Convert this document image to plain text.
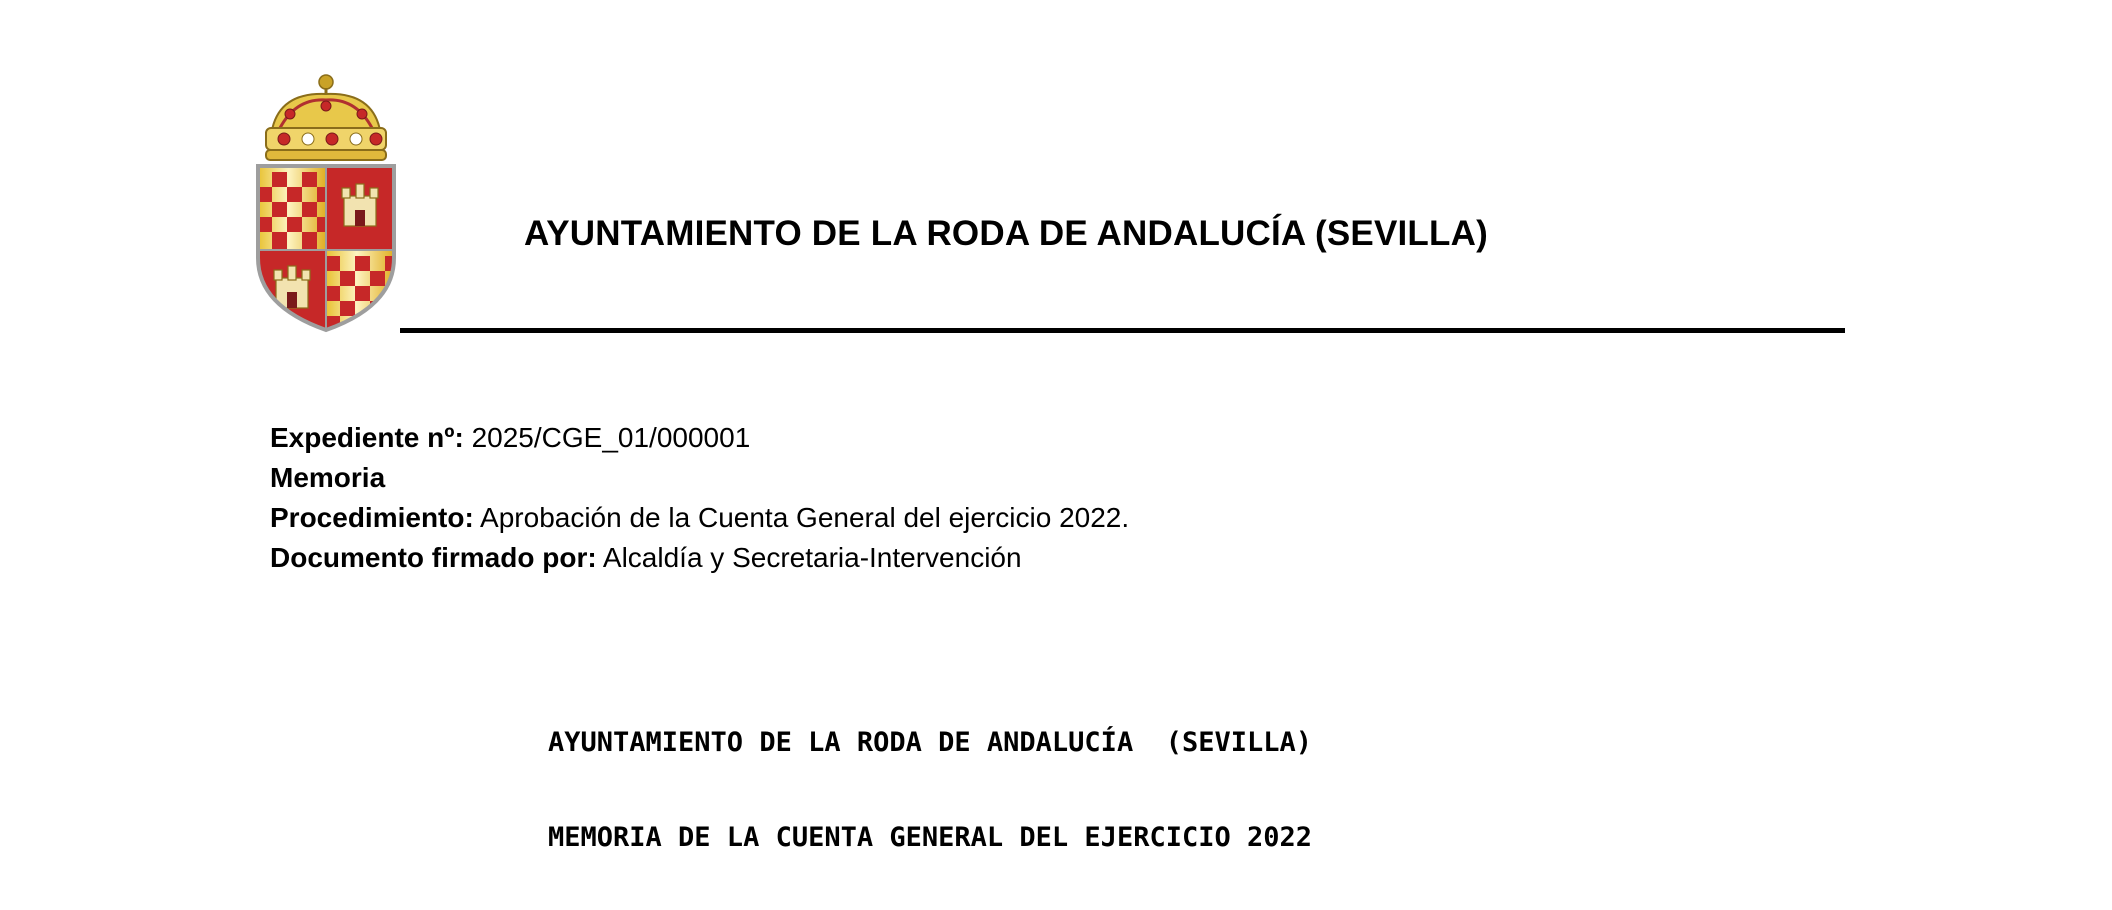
AYUNTAMIENTO DE LA RODA DE ANDALUCÍA (SEVILLA)
Expediente nº: 2025/CGE_01/000001
Memoria
Procedimiento: Aprobación de la Cuenta General del ejercicio 2022.
Documento firmado por: Alcaldía y Secretaria-Intervención
AYUNTAMIENTO DE LA RODA DE ANDALUCÍA  (SEVILLA)
MEMORIA DE LA CUENTA GENERAL DEL EJERCICIO 2022
